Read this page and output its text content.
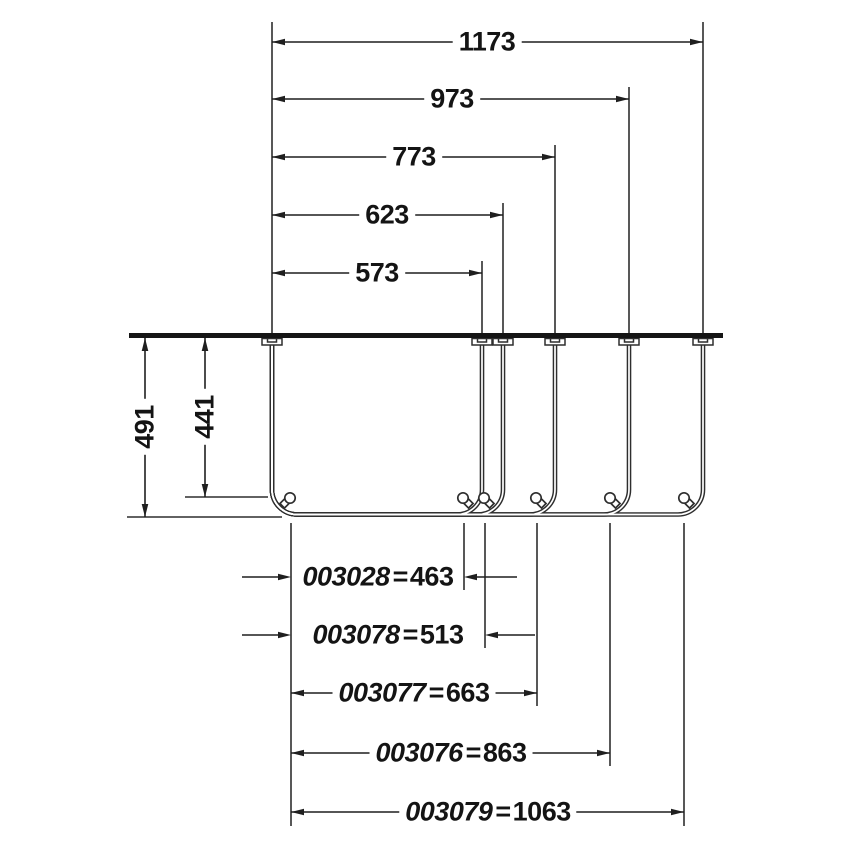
1173
973
773
623
573
491 441
003028 =463
003078 =513
003077 =663
003076 =863
003079 =1063
